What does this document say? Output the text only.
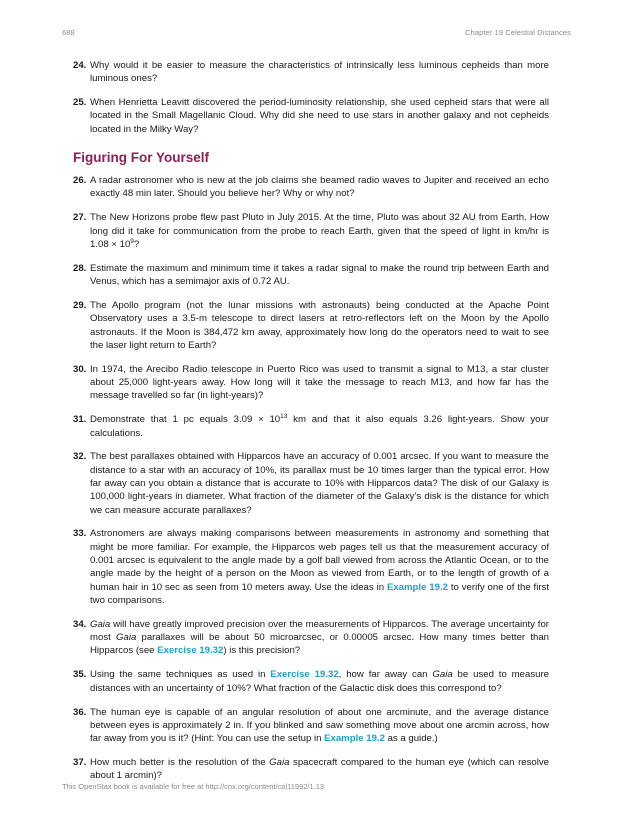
688	Chapter 19 Celestial Distances
24 . Why would it be easier to measure the characteristics of intrinsically less luminous cepheids than more luminous ones?
25 . When Henrietta Leavitt discovered the period-luminosity relationship, she used cepheid stars that were all located in the Small Magellanic Cloud. Why did she need to use stars in another galaxy and not cepheids located in the Milky Way?
Figuring For Yourself
26 . A radar astronomer who is new at the job claims she beamed radio waves to Jupiter and received an echo exactly 48 min later. Should you believe her? Why or why not?
27 . The New Horizons probe flew past Pluto in July 2015. At the time, Pluto was about 32 AU from Earth. How long did it take for communication from the probe to reach Earth, given that the speed of light in km/hr is $1.08 \times 10^9$?
28 . Estimate the maximum and minimum time it takes a radar signal to make the round trip between Earth and Venus, which has a semimajor axis of 0.72 AU.
29 . The Apollo program (not the lunar missions with astronauts) being conducted at the Apache Point Observatory uses a 3.5-m telescope to direct lasers at retro-reflectors left on the Moon by the Apollo astronauts. If the Moon is 384,472 km away, approximately how long do the operators need to wait to see the laser light return to Earth?
30 . In 1974, the Arecibo Radio telescope in Puerto Rico was used to transmit a signal to M13, a star cluster about 25,000 light-years away. How long will it take the message to reach M13, and how far has the message travelled so far (in light-years)?
31 . Demonstrate that 1 pc equals $3.09 \times 10^{13}$ km and that it also equals 3.26 light-years. Show your calculations.
32 . The best parallaxes obtained with Hipparcos have an accuracy of 0.001 arcsec. If you want to measure the distance to a star with an accuracy of 10%, its parallax must be 10 times larger than the typical error. How far away can you obtain a distance that is accurate to 10% with Hipparcos data? The disk of our Galaxy is 100,000 light-years in diameter. What fraction of the diameter of the Galaxy’s disk is the distance for which we can measure accurate parallaxes?
33 . Astronomers are always making comparisons between measurements in astronomy and something that might be more familiar. For example, the Hipparcos web pages tell us that the measurement accuracy of 0.001 arcsec is equivalent to the angle made by a golf ball viewed from across the Atlantic Ocean, or to the angle made by the height of a person on the Moon as viewed from Earth, or to the length of growth of a human hair in 10 sec as seen from 10 meters away. Use the ideas in Example 19.2 to verify one of the first two comparisons.
34 . Gaia will have greatly improved precision over the measurements of Hipparcos. The average uncertainty for most Gaia parallaxes will be about 50 microarcsec, or 0.00005 arcsec. How many times better than Hipparcos (see Exercise 19.32) is this precision?
35 . Using the same techniques as used in Exercise 19.32, how far away can Gaia be used to measure distances with an uncertainty of 10%? What fraction of the Galactic disk does this correspond to?
36 . The human eye is capable of an angular resolution of about one arcminute, and the average distance between eyes is approximately 2 in. If you blinked and saw something move about one arcmin across, how far away from you is it? (Hint: You can use the setup in Example 19.2 as a guide.)
37 . How much better is the resolution of the Gaia spacecraft compared to the human eye (which can resolve about 1 arcmin)?
This OpenStax book is available for free at http://cnx.org/content/col11992/1.13
